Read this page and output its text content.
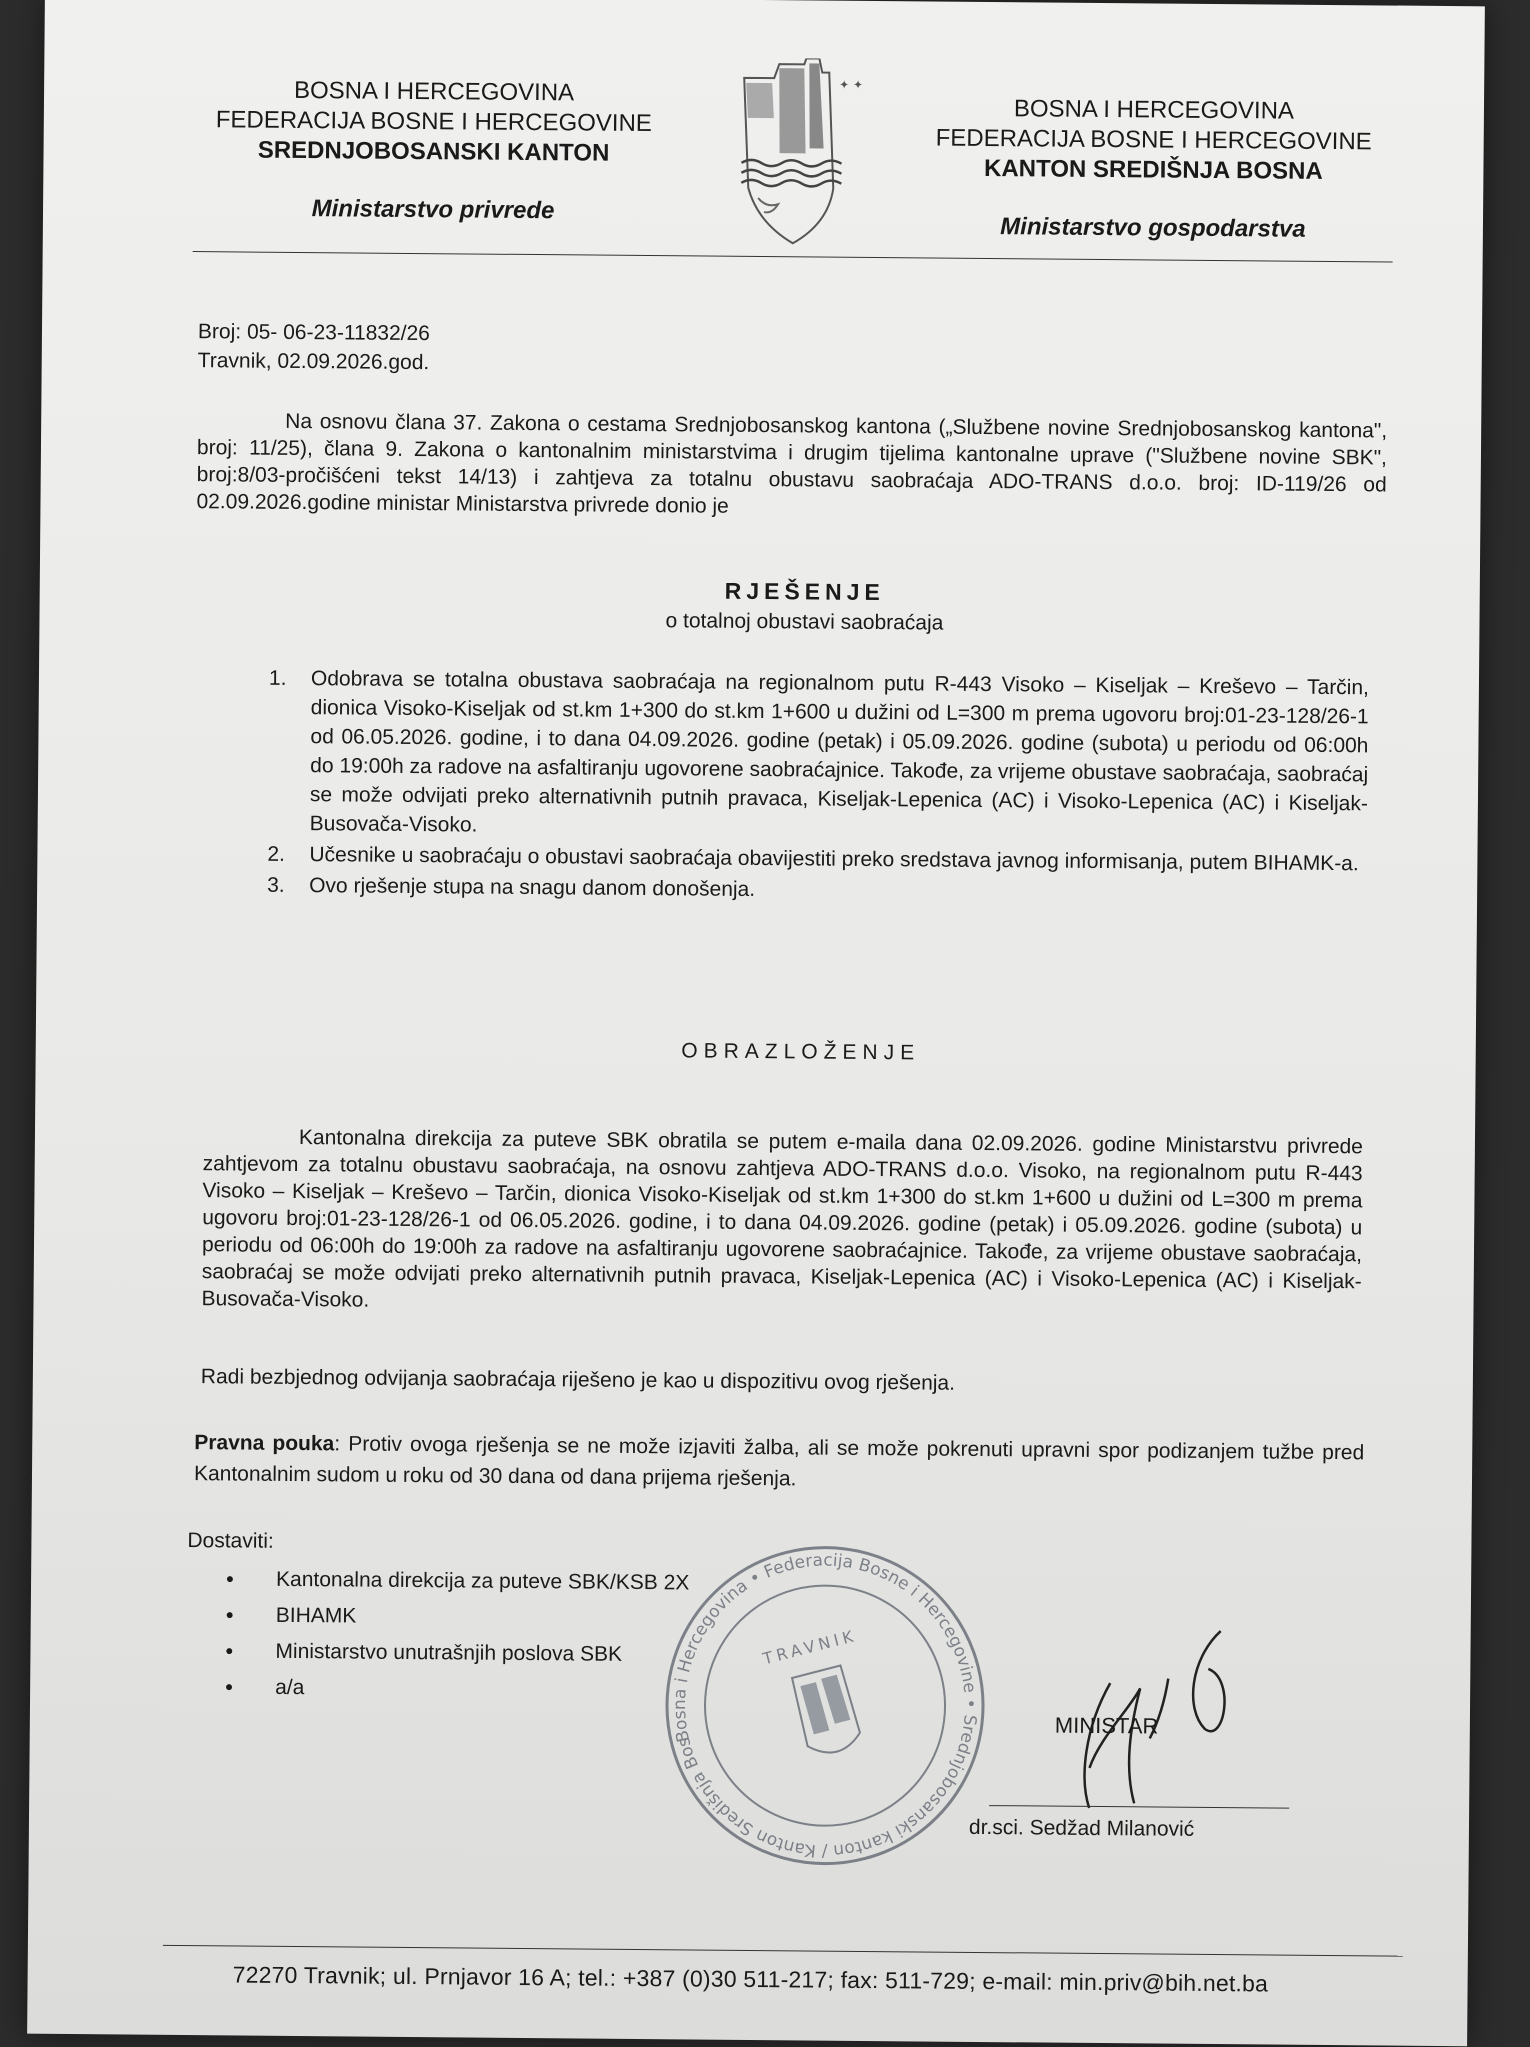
BOSNA I HERCEGOVINA
FEDERACIJA BOSNE I HERCEGOVINE
SREDNJOBOSANSKI KANTON
Ministarstvo privrede
✦ ✦
BOSNA I HERCEGOVINA
FEDERACIJA BOSNE I HERCEGOVINE
KANTON SREDIŠNJA BOSNA
Ministarstvo gospodarstva
Broj: 05- 06-23-11832/26
Travnik, 02.09.2026.god.
Na osnovu člana 37. Zakona o cestama Srednjobosanskog kantona („Službene novine Srednjobosanskog kantona", broj: 11/25), člana 9. Zakona o kantonalnim ministarstvima i drugim tijelima kantonalne uprave ("Službene novine SBK", broj:8/03-pročišćeni tekst 14/13) i zahtjeva za totalnu obustavu saobraćaja ADO-TRANS d.o.o. broj: ID-119/26 od 02.09.2026.godine ministar Ministarstva privrede donio je
RJEŠENJE
o totalnoj obustavi saobraćaja
1. Odobrava se totalna obustava saobraćaja na regionalnom putu R-443 Visoko – Kiseljak – Kreševo – Tarčin, dionica Visoko-Kiseljak od st.km 1+300 do st.km 1+600 u dužini od L=300 m prema ugovoru broj:01-23-128/26-1 od 06.05.2026. godine, i to dana 04.09.2026. godine (petak) i 05.09.2026. godine (subota) u periodu od 06:00h do 19:00h za radove na asfaltiranju ugovorene saobraćajnice. Takođe, za vrijeme obustave saobraćaja, saobraćaj se može odvijati preko alternativnih putnih pravaca, Kiseljak-Lepenica (AC) i Visoko-Lepenica (AC) i Kiseljak-Busovača-Visoko.
2. Učesnike u saobraćaju o obustavi saobraćaja obavijestiti preko sredstava javnog informisanja, putem BIHAMK-a.
3. Ovo rješenje stupa na snagu danom donošenja.
OBRAZLOŽENJE
Kantonalna direkcija za puteve SBK obratila se putem e-maila dana 02.09.2026. godine Ministarstvu privrede zahtjevom za totalnu obustavu saobraćaja, na osnovu zahtjeva ADO-TRANS d.o.o. Visoko, na regionalnom putu R-443 Visoko – Kiseljak – Kreševo – Tarčin, dionica Visoko-Kiseljak od st.km 1+300 do st.km 1+600 u dužini od L=300 m prema ugovoru broj:01-23-128/26-1 od 06.05.2026. godine, i to dana 04.09.2026. godine (petak) i 05.09.2026. godine (subota) u periodu od 06:00h do 19:00h za radove na asfaltiranju ugovorene saobraćajnice. Takođe, za vrijeme obustave saobraćaja, saobraćaj se može odvijati preko alternativnih putnih pravaca, Kiseljak-Lepenica (AC) i Visoko-Lepenica (AC) i Kiseljak-Busovača-Visoko.
Radi bezbjednog odvijanja saobraćaja riješeno je kao u dispozitivu ovog rješenja.
Pravna pouka: Protiv ovoga rješenja se ne može izjaviti žalba, ali se može pokrenuti upravni spor podizanjem tužbe pred Kantonalnim sudom u roku od 30 dana od dana prijema rješenja.
Dostaviti:
• Kantonalna direkcija za puteve SBK/KSB 2X
• BIHAMK
• Ministarstvo unutrašnjih poslova SBK
• a/a
Bosna i Hercegovina • Federacija Bosne i Hercegovine • Srednjobosanski kanton / Kanton Središnja Bosna
TRAVNIK
MINISTAR
dr.sci. Sedžad Milanović
72270 Travnik; ul. Prnjavor 16 A; tel.: +387 (0)30 511-217; fax: 511-729; e-mail: min.priv@bih.net.ba
